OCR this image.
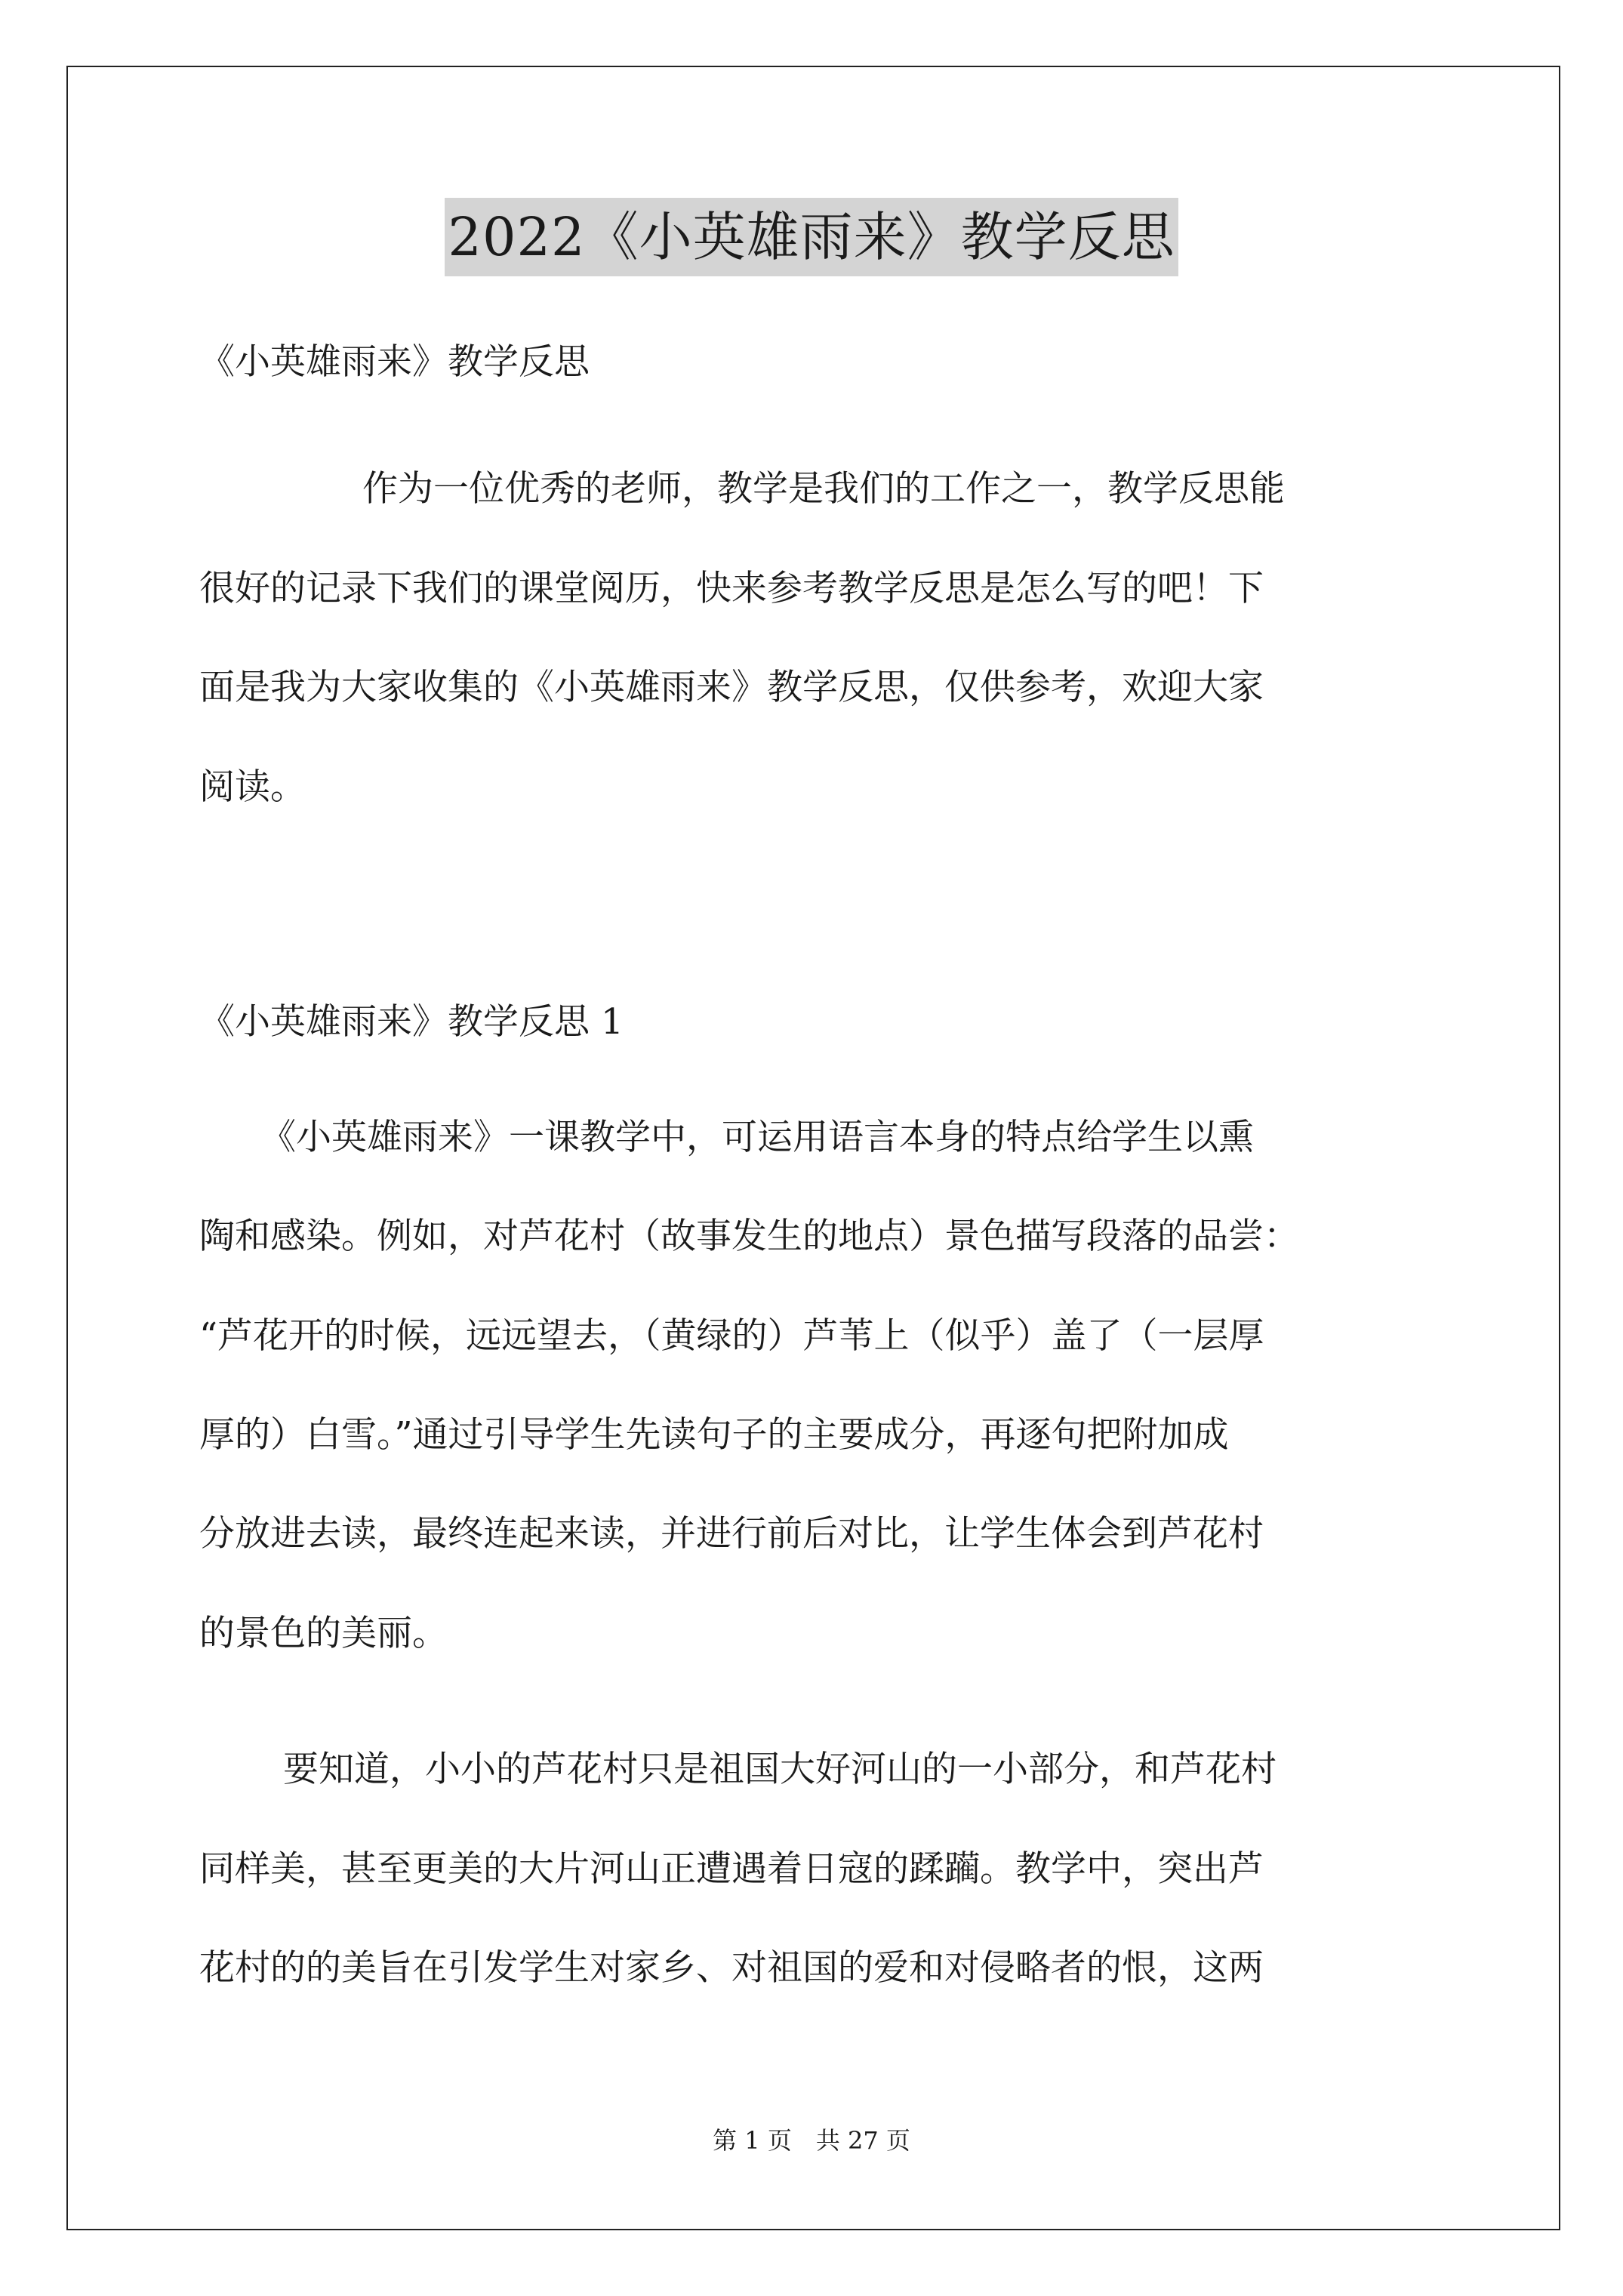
2022《小英雄雨来》教学反思
《小英雄雨来》教学反思
作为一位优秀的老师，教学是我们的工作之一，教学反思能
很好的记录下我们的课堂阅历，快来参考教学反思是怎么写的吧！下
面是我为大家收集的《小英雄雨来》教学反思，仅供参考，欢迎大家
阅读。
《小英雄雨来》教学反思 1
《小英雄雨来》一课教学中，可运用语言本身的特点给学生以熏
陶和感染。例如，对芦花村（故事发生的地点）景色描写段落的品尝：
“芦花开的时候，远远望去，（黄绿的）芦苇上（似乎）盖了（一层厚
厚的）白雪。”通过引导学生先读句子的主要成分，再逐句把附加成
分放进去读，最终连起来读，并进行前后对比，让学生体会到芦花村
的景色的美丽。
要知道，小小的芦花村只是祖国大好河山的一小部分，和芦花村
同样美，甚至更美的大片河山正遭遇着日寇的蹂躏。教学中，突出芦
花村的的美旨在引发学生对家乡、对祖国的爱和对侵略者的恨，这两
第 1 页　共 27 页
